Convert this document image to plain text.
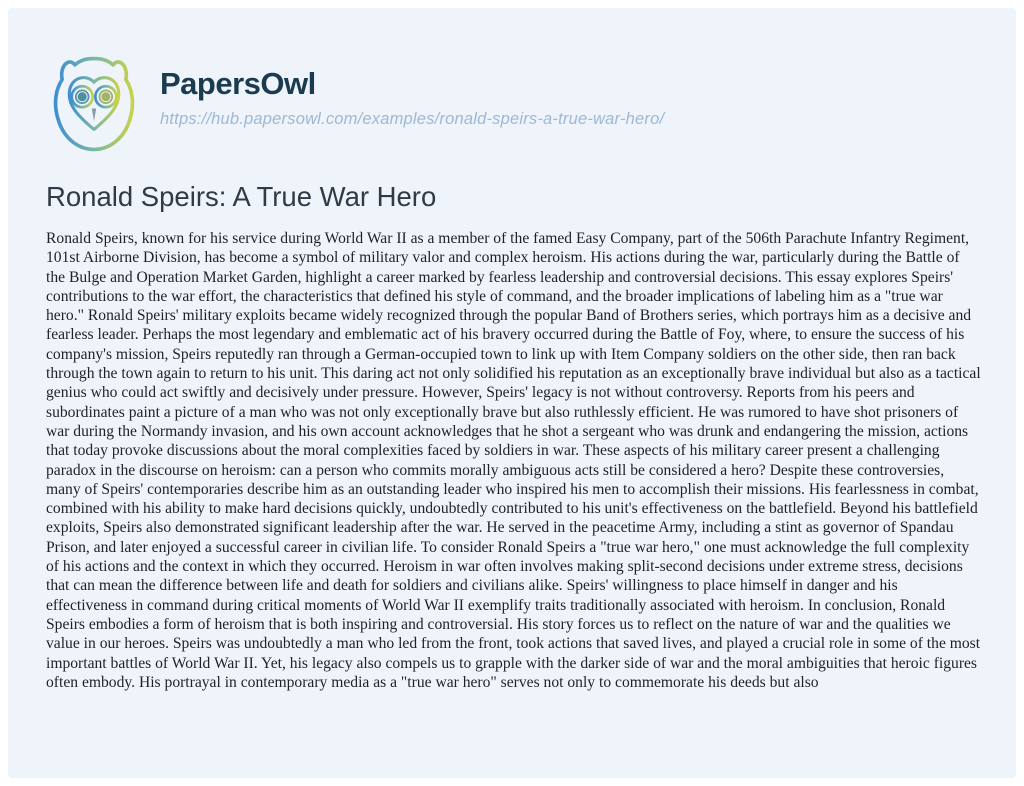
PapersOwl
https://hub.papersowl.com/examples/ronald-speirs-a-true-war-hero/
Ronald Speirs: A True War Hero

Ronald Speirs, known for his service during World War II as a member of the famed Easy Company, part of the 506th Parachute Infantry Regiment, 101st Airborne Division, has become a symbol of military valor and complex heroism. His actions during the war, particularly during the Battle of the Bulge and Operation Market Garden, highlight a career marked by fearless leadership and controversial decisions. This essay explores Speirs' contributions to the war effort, the characteristics that defined his style of command, and the broader implications of labeling him as a "true war hero." Ronald Speirs' military exploits became widely recognized through the popular Band of Brothers series, which portrays him as a decisive and fearless leader. Perhaps the most legendary and emblematic act of his bravery occurred during the Battle of Foy, where, to ensure the success of his company's mission, Speirs reputedly ran through a German-occupied town to link up with Item Company soldiers on the other side, then ran back through the town again to return to his unit. This daring act not only solidified his reputation as an exceptionally brave individual but also as a tactical genius who could act swiftly and decisively under pressure. However, Speirs' legacy is not without controversy. Reports from his peers and subordinates paint a picture of a man who was not only exceptionally brave but also ruthlessly efficient. He was rumored to have shot prisoners of war during the Normandy invasion, and his own account acknowledges that he shot a sergeant who was drunk and endangering the mission, actions that today provoke discussions about the moral complexities faced by soldiers in war. These aspects of his military career present a challenging paradox in the discourse on heroism: can a person who commits morally ambiguous acts still be considered a hero? Despite these controversies, many of Speirs' contemporaries describe him as an outstanding leader who inspired his men to accomplish their missions. His fearlessness in combat, combined with his ability to make hard decisions quickly, undoubtedly contributed to his unit's effectiveness on the battlefield. Beyond his battlefield exploits, Speirs also demonstrated significant leadership after the war. He served in the peacetime Army, including a stint as governor of Spandau Prison, and later enjoyed a successful career in civilian life. To consider Ronald Speirs a "true war hero," one must acknowledge the full complexity of his actions and the context in which they occurred. Heroism in war often involves making split-second decisions under extreme stress, decisions that can mean the difference between life and death for soldiers and civilians alike. Speirs' willingness to place himself in danger and his effectiveness in command during critical moments of World War II exemplify traits traditionally associated with heroism. In conclusion, Ronald Speirs embodies a form of heroism that is both inspiring and controversial. His story forces us to reflect on the nature of war and the qualities we value in our heroes. Speirs was undoubtedly a man who led from the front, took actions that saved lives, and played a crucial role in some of the most important battles of World War II. Yet, his legacy also compels us to grapple with the darker side of war and the moral ambiguities that heroic figures often embody. His portrayal in contemporary media as a "true war hero" serves not only to commemorate his deeds but also
